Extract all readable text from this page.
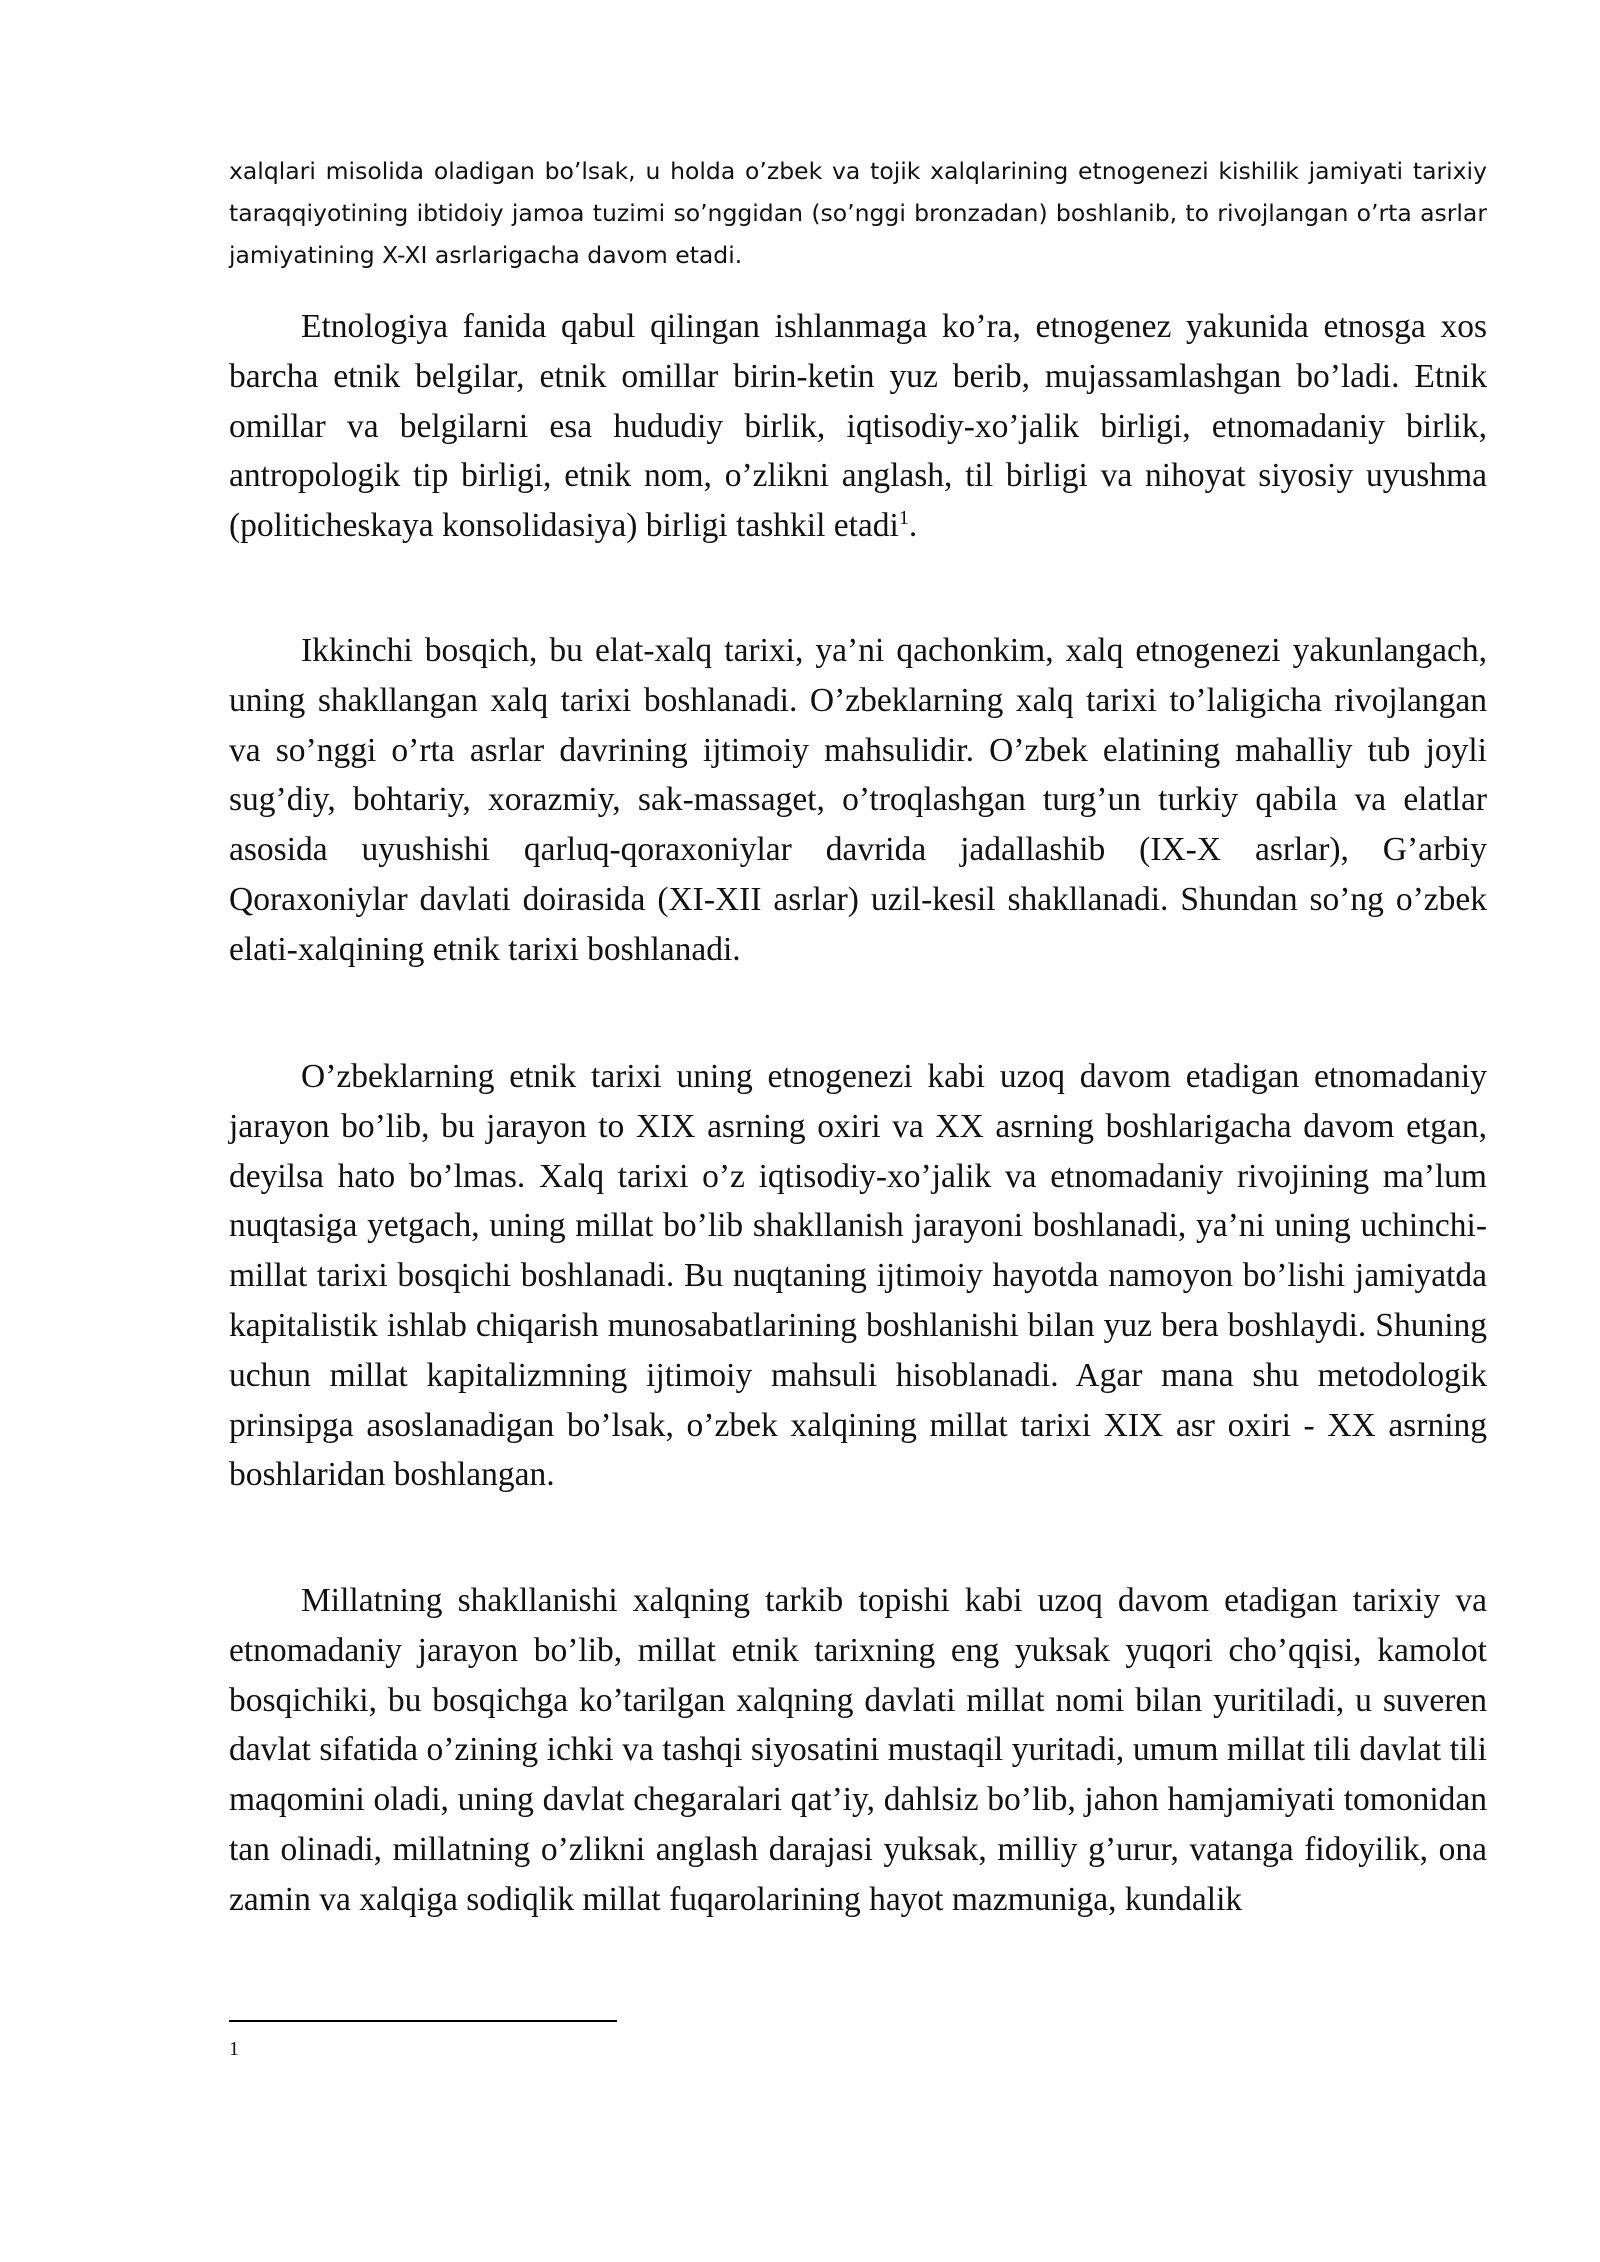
xalqlari misolida oladigan bo’lsak, u holda o’zbek va tojik xalqlarining etnogenezi kishilik jamiyati tarixiy taraqqiyotining ibtidoiy jamoa tuzimi so’nggidan (so’nggi bronzadan) boshlanib, to rivojlangan o’rta asrlar jamiyatining X-XI asrlarigacha davom etadi.

Etnologiya fanida qabul qilingan ishlanmaga ko’ra, etnogenez yakunida etnosga xos barcha etnik belgilar, etnik omillar birin-ketin yuz berib, mujassamlashgan bo’ladi. Etnik omillar va belgilarni esa hududiy birlik, iqtisodiy-xo’jalik birligi, etnomadaniy birlik, antropologik tip birligi, etnik nom, o’zlikni anglash, til birligi va nihoyat siyosiy uyushma (politicheskaya konsolidasiya) birligi tashkil etadi$^1$.

Ikkinchi bosqich, bu elat-xalq tarixi, ya’ni qachonkim, xalq etnogenezi yakunlangach, uning shakllangan xalq tarixi boshlanadi. O’zbeklarning xalq tarixi to’laligicha rivojlangan va so’nggi o’rta asrlar davrining ijtimoiy mahsulidir. O’zbek elatining mahalliy tub joyli sug’diy, bohtariy, xorazmiy, sak-massaget, o’troqlashgan turg’un turkiy qabila va elatlar asosida uyushishi qarluq-qoraxoniylar davrida jadallashib (IX-X asrlar), G’arbiy Qoraxoniylar davlati doirasida (XI-XII asrlar) uzil-kesil shakllanadi. Shundan so’ng o’zbek elati-xalqining etnik tarixi boshlanadi.

O’zbeklarning etnik tarixi uning etnogenezi kabi uzoq davom etadigan etnomadaniy jarayon bo’lib, bu jarayon to XIX asrning oxiri va XX asrning boshlarigacha davom etgan, deyilsa hato bo’lmas. Xalq tarixi o’z iqtisodiy-xo’jalik va etnomadaniy rivojining ma’lum nuqtasiga yetgach, uning millat bo’lib shakllanish jarayoni boshlanadi, ya’ni uning uchinchi-millat tarixi bosqichi boshlanadi. Bu nuqtaning ijtimoiy hayotda namoyon bo’lishi jamiyatda kapitalistik ishlab chiqarish munosabatlarining boshlanishi bilan yuz bera boshlaydi. Shuning uchun millat kapitalizmning ijtimoiy mahsuli hisoblanadi. Agar mana shu metodologik prinsipga asoslanadigan bo’lsak, o’zbek xalqining millat tarixi XIX asr oxiri - XX asrning boshlaridan boshlangan.

Millatning shakllanishi xalqning tarkib topishi kabi uzoq davom etadigan tarixiy va etnomadaniy jarayon bo’lib, millat etnik tarixning eng yuksak yuqori cho’qqisi, kamolot bosqichiki, bu bosqichga ko’tarilgan xalqning davlati millat nomi bilan yuritiladi, u suveren davlat sifatida o’zining ichki va tashqi siyosatini mustaqil yuritadi, umum millat tili davlat tili maqomini oladi, uning davlat chegaralari qat’iy, dahlsiz bo’lib, jahon hamjamiyati tomonidan tan olinadi, millatning o’zlikni anglash darajasi yuksak, milliy g’urur, vatanga fidoyilik, ona zamin va xalqiga sodiqlik millat fuqarolarining hayot mazmuniga, kundalik

1
